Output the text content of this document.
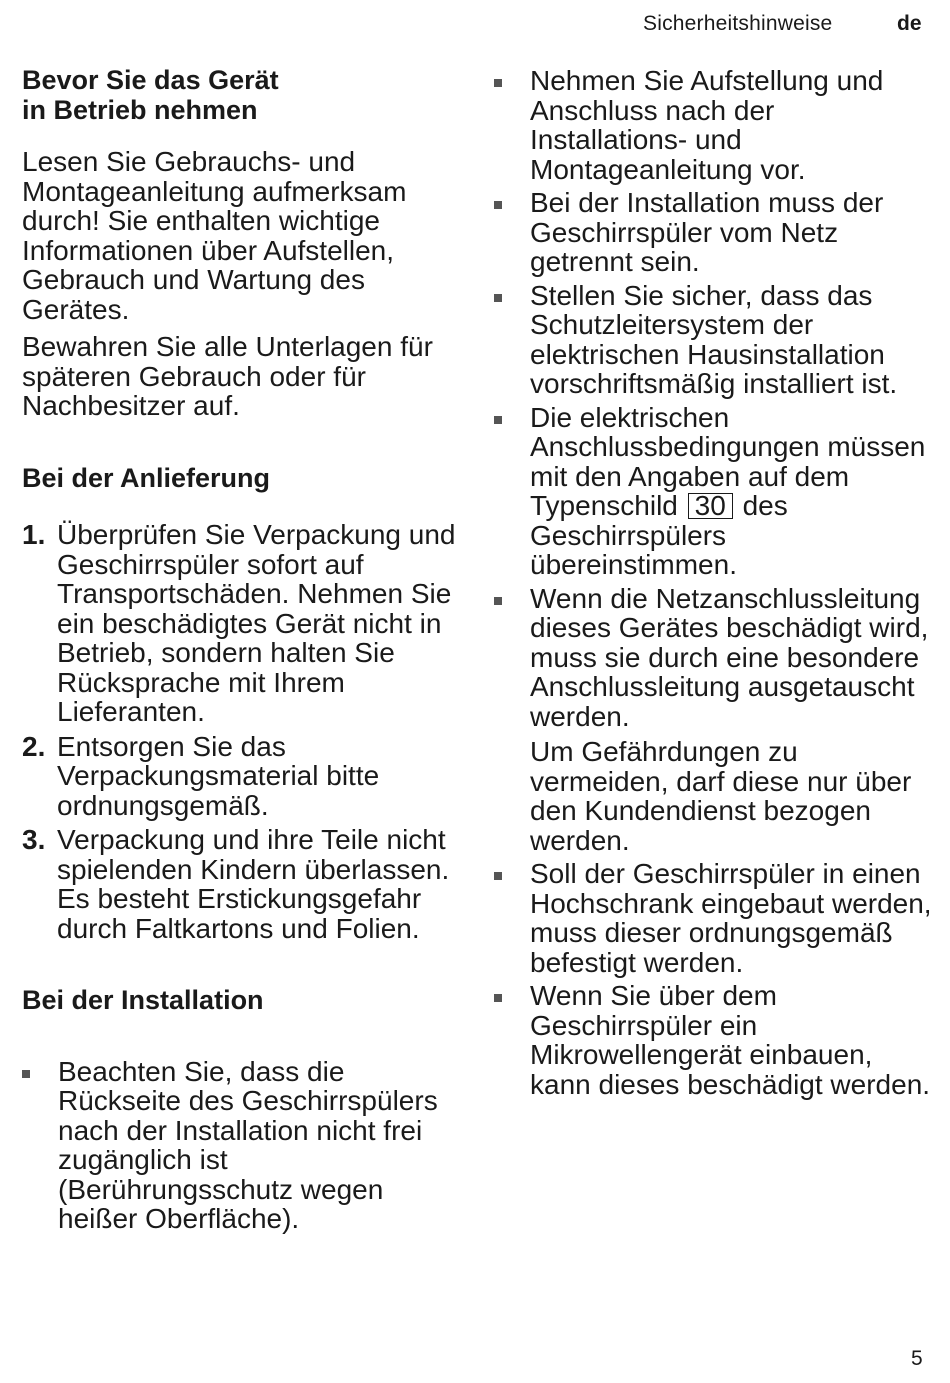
Sicherheitshinweise	de
Bevor Sie das Gerät
in Betrieb nehmen

Lesen Sie Gebrauchs- und Montageanleitung aufmerksam durch! Sie enthalten wichtige Informationen über Aufstellen, Gebrauch und Wartung des Gerätes.

Bewahren Sie alle Unterlagen für späteren Gebrauch oder für Nachbesitzer auf.

Bei der Anlieferung
1. Überprüfen Sie Verpackung und Geschirrspüler sofort auf Transportschäden. Nehmen Sie ein beschädigtes Gerät nicht in Betrieb, sondern halten Sie Rücksprache mit Ihrem Lieferanten.
2. Entsorgen Sie das Verpackungsmaterial bitte ordnungsgemäß.
3. Verpackung und ihre Teile nicht spielenden Kindern überlassen. Es besteht Erstickungsgefahr durch Faltkartons und Folien.
Bei der Installation
Beachten Sie, dass die Rückseite des Geschirrspülers nach der Installation nicht frei zugänglich ist (Berührungsschutz wegen heißer Oberfläche).
Nehmen Sie Aufstellung und Anschluss nach der Installations- und Montageanleitung vor.
Bei der Installation muss der Geschirrspüler vom Netz getrennt sein.
Stellen Sie sicher, dass das Schutzleitersystem der elektrischen Hausinstallation vorschriftsmäßig installiert ist.
Die elektrischen Anschlussbedingungen müssen mit den Angaben auf dem Typenschild 30 des Geschirrspülers übereinstimmen.
Wenn die Netzanschlussleitung dieses Gerätes beschädigt wird, muss sie durch eine besondere Anschlussleitung ausgetauscht werden.

Um Gefährdungen zu vermeiden, darf diese nur über den Kundendienst bezogen werden.

Soll der Geschirrspüler in einen Hochschrank eingebaut werden, muss dieser ordnungsgemäß befestigt werden.
Wenn Sie über dem Geschirrspüler ein Mikrowellengerät einbauen, kann dieses beschädigt werden.
5
